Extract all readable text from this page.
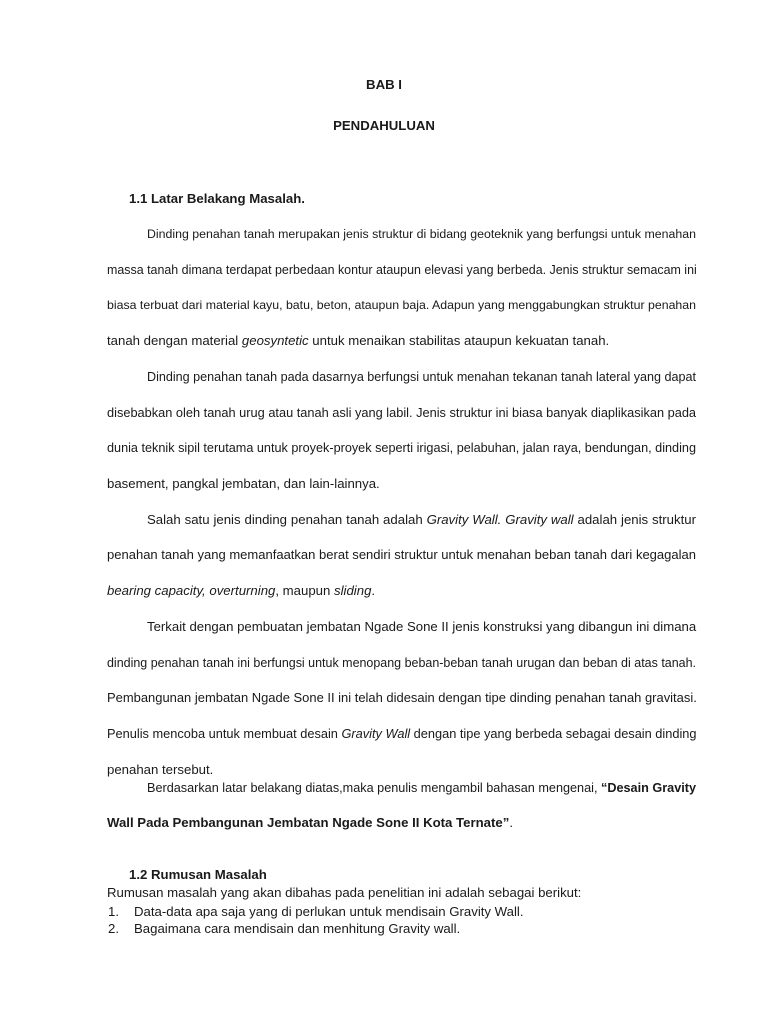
BAB I
PENDAHULUAN
1.1 Latar Belakang Masalah.
Dinding penahan tanah merupakan jenis struktur di bidang geoteknik yang berfungsi untuk menahan
massa tanah dimana terdapat perbedaan kontur ataupun elevasi yang berbeda. Jenis struktur semacam ini
biasa terbuat dari material kayu, batu, beton, ataupun baja. Adapun yang menggabungkan struktur penahan
tanah dengan material geosyntetic untuk menaikan stabilitas ataupun kekuatan tanah.
Dinding penahan tanah pada dasarnya berfungsi untuk menahan tekanan tanah lateral yang dapat
disebabkan oleh tanah urug atau tanah asli yang labil. Jenis struktur ini biasa banyak diaplikasikan pada
dunia teknik sipil terutama untuk proyek-proyek seperti irigasi, pelabuhan, jalan raya, bendungan, dinding
basement, pangkal jembatan, dan lain-lainnya.
Salah satu jenis dinding penahan tanah adalah Gravity Wall. Gravity wall adalah jenis struktur
penahan tanah yang memanfaatkan berat sendiri struktur untuk menahan beban tanah dari kegagalan
bearing capacity, overturning, maupun sliding.
Terkait dengan pembuatan jembatan Ngade Sone II jenis konstruksi yang dibangun ini dimana
dinding penahan tanah ini berfungsi untuk menopang beban-beban tanah urugan dan beban di atas tanah.
Pembangunan jembatan Ngade Sone II ini telah didesain dengan tipe dinding penahan tanah gravitasi.
Penulis mencoba untuk membuat desain Gravity Wall dengan tipe yang berbeda sebagai desain dinding
penahan tersebut.
Berdasarkan latar belakang diatas,maka penulis mengambil bahasan mengenai, “Desain Gravity
Wall Pada Pembangunan Jembatan Ngade Sone II Kota Ternate”.
1.2 Rumusan Masalah
Rumusan masalah yang akan dibahas pada penelitian ini adalah sebagai berikut:
1. Data-data apa saja yang di perlukan untuk mendisain Gravity Wall.
2. Bagaimana cara mendisain dan menhitung Gravity wall.
